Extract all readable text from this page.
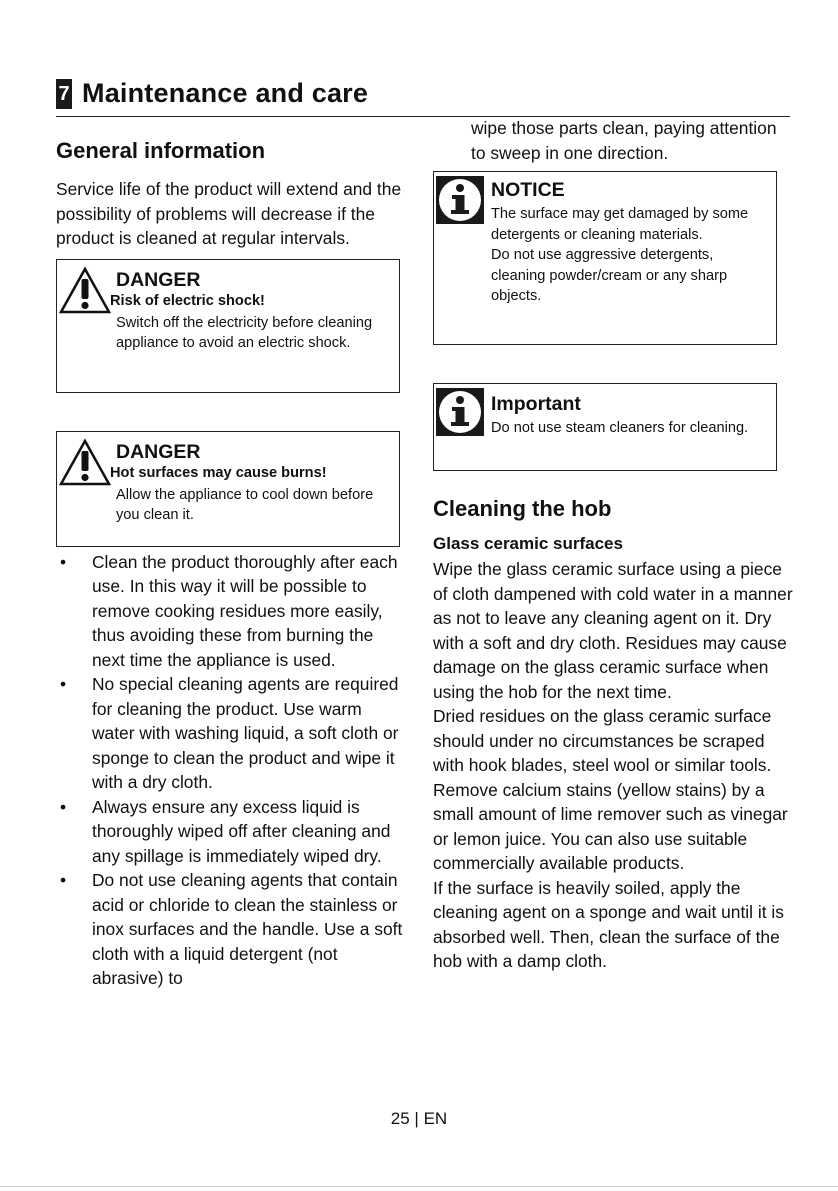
7 Maintenance and care
General information

Service life of the product will extend and the possibility of problems will decrease if the product is cleaned at regular intervals.

DANGER
Risk of electric shock!
Switch off the electricity before cleaning appliance to avoid an electric shock.
DANGER
Hot surfaces may cause burns!
Allow the appliance to cool down before you clean it.
• Clean the product thoroughly after each use. In this way it will be possible to remove cooking residues more easily, thus avoiding these from burning the next time the appliance is used.
• No special cleaning agents are required for cleaning the product. Use warm water with washing liquid, a soft cloth or sponge to clean the product and wipe it with a dry cloth.
• Always ensure any excess liquid is thoroughly wiped off after cleaning and any spillage is immediately wiped dry.
• Do not use cleaning agents that contain acid or chloride to clean the stainless or inox surfaces and the handle. Use a soft cloth with a liquid detergent (not abrasive) to

wipe those parts clean, paying attention to sweep in one direction.

NOTICE
The surface may get damaged by some detergents or cleaning materials.
Do not use aggressive detergents, cleaning powder/cream or any sharp objects.
Important
Do not use steam cleaners for cleaning.
Cleaning the hob
Glass ceramic surfaces

Wipe the glass ceramic surface using a piece of cloth dampened with cold water in a manner as not to leave any cleaning agent on it. Dry with a soft and dry cloth. Residues may cause damage on the glass ceramic surface when using the hob for the next time.

Dried residues on the glass ceramic surface should under no circumstances be scraped with hook blades, steel wool or similar tools.

Remove calcium stains (yellow stains) by a small amount of lime remover such as vinegar or lemon juice. You can also use suitable commercially available products.

If the surface is heavily soiled, apply the cleaning agent on a sponge and wait until it is absorbed well. Then, clean the surface of the hob with a damp cloth.

25 | EN
